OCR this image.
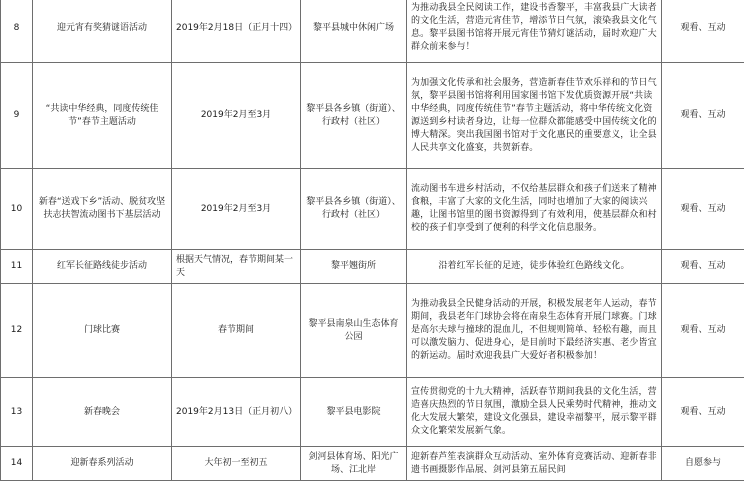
8	迎元宵有奖猜谜语活动	2019年2月18日（正月十四）	黎平县城中休闲广场	为推动我县全民阅读工作，建设书香黎平，丰富我县广大读者的文化生活，营造元宵佳节，增添节日气氛，滚染我县文化气息。黎平县图书馆将开展元宵佳节猜灯谜活动，届时欢迎广大群众前来参与！	观看、互动
9	“共读中华经典，同度传统佳节”春节主题活动	2019年2月至3月	黎平县各乡镇（街道）、行政村（社区）	为加强文化传承和社会服务，营造新春佳节欢乐祥和的节日气氛，黎平县图书馆将利用国家图书馆下发优质资源开展“共读中华经典，同度传统佳节”春节主题活动，将中华传统文化资源送到乡村读者身边，让每一位群众都能感受中国传统文化的博大精深。突出我国图书馆对于文化惠民的重要意义，让全县人民共享文化盛宴，共贺新春。	观看、互动
10	新春“送戏下乡”活动、脱贫攻坚扶志扶智流动图书下基层活动	2019年2月至3月	黎平县各乡镇（街道）、行政村（社区）	流动图书车进乡村活动，不仅给基层群众和孩子们送来了精神食粮，丰富了大家的文化生活，同时也增加了大家的阅读兴趣，让图书馆里的图书资源得到了有效利用，使基层群众和村校的孩子们享受到了便利的科学文化信息服务。	观看、互动
11	红军长征路线徒步活动	根据天气情况，春节期间某一天	黎平翘街所	沿着红军长征的足迹，徒步体验红色路线文化。	观看、互动
12	门球比赛	春节期间	黎平县南泉山生态体育公园	为推动我县全民健身活动的开展，积极发展老年人运动，春节期间，我县老年门球协会将在南泉生态体育开展门球赛。门球是高尔夫球与撞球的混血儿，不但规则简单、轻松有趣，而且可以激发脑力、促进身心，是目前时下最经济实惠、老少皆宜的新运动。届时欢迎我县广大爱好者积极参加！	观看、互动
13	新春晚会	2019年2月13日（正月初八）	黎平县电影院	宣传贯彻党的十九大精神，活跃春节期间我县的文化生活，营造喜庆热烈的节日氛围，激励全县人民乘势时代精神，推动文化大发展大繁荣，建设文化强县，建设幸福黎平，展示黎平群众文化繁荣发展新气象。	观看、互动
14	迎新春系列活动	大年初一至初五	剑河县体育场、阳光广场、江北岸	迎新春芦笙表演群众互动活动、室外体育竞赛活动、迎新春非遗书画摄影作品展、剑河县第五届民间	自愿参与
